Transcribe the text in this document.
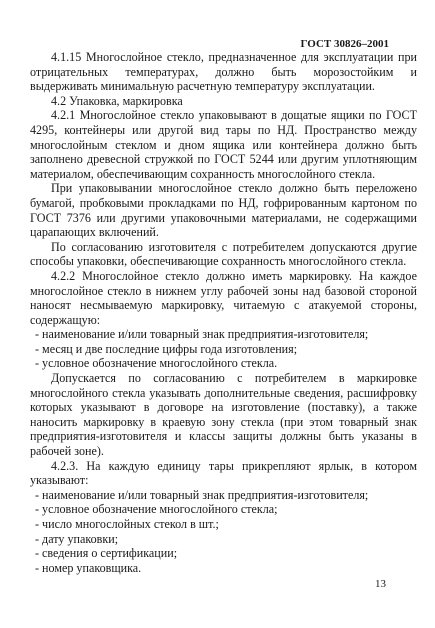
ГОСТ 30826–2001

4.1.15 Многослойное стекло, предназначенное для эксплуатации при отрицательных температурах, должно быть морозостойким и выдерживать минимальную расчетную температуру эксплуатации.

4.2 Упаковка, маркировка

4.2.1 Многослойное стекло упаковывают в дощатые ящики по ГОСТ 4295, контейнеры или другой вид тары по НД. Пространство между многослойным стеклом и дном ящика или контейнера должно быть заполнено древесной стружкой по ГОСТ 5244 или другим уплотняющим материалом, обеспечивающим сохранность многослойного стекла.

При упаковывании многослойное стекло должно быть переложено бумагой, пробковыми прокладками по НД, гофрированным картоном по ГОСТ 7376 или другими упаковочными материалами, не содержащими царапающих включений.

По согласованию изготовителя с потребителем допускаются другие способы упаковки, обеспечивающие сохранность многослойного стекла.

4.2.2 Многослойное стекло должно иметь маркировку. На каждое многослойное стекло в нижнем углу рабочей зоны над базовой стороной наносят несмываемую маркировку, читаемую с атакуемой стороны, содержащую:

- наименование и/или товарный знак предприятия-изготовителя;

- месяц и две последние цифры года изготовления;

- условное обозначение многослойного стекла.

Допускается по согласованию с потребителем в маркировке многослойного стекла указывать дополнительные сведения, расшифровку которых указывают в договоре на изготовление (поставку), а также наносить маркировку в краевую зону стекла (при этом товарный знак предприятия-изготовителя и классы защиты должны быть указаны в рабочей зоне).

4.2.3. На каждую единицу тары прикрепляют ярлык, в котором указывают:

- наименование и/или товарный знак предприятия-изготовителя;

- условное обозначение многослойного стекла;

- число многослойных стекол в шт.;

- дату упаковки;

- сведения о сертификации;

- номер упаковщика.

13
